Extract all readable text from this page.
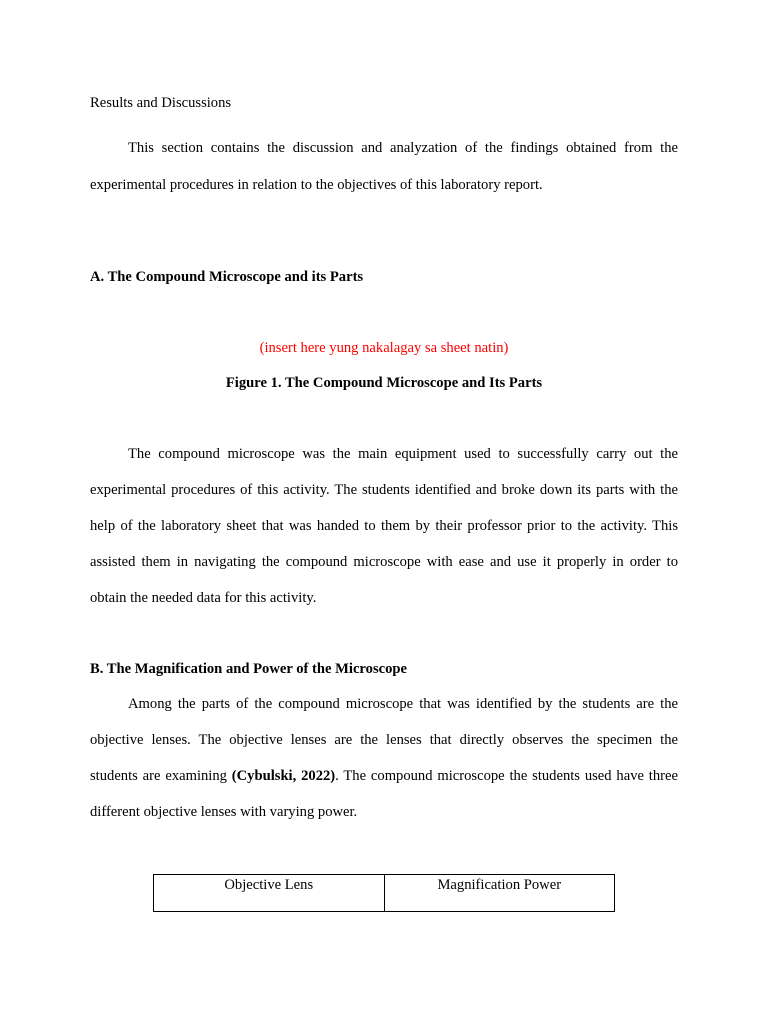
Results and Discussions

This section contains the discussion and analyzation of the findings obtained from the

experimental procedures in relation to the objectives of this laboratory report.

A. The Compound Microscope and its Parts

(insert here yung nakalagay sa sheet natin)

Figure 1. The Compound Microscope and Its Parts

The compound microscope was the main equipment used to successfully carry out the

experimental procedures of this activity. The students identified and broke down its parts with the

help of the laboratory sheet that was handed to them by their professor prior to the activity. This

assisted them in navigating the compound microscope with ease and use it properly in order to

obtain the needed data for this activity.

B. The Magnification and Power of the Microscope

Among the parts of the compound microscope that was identified by the students are the

objective lenses. The objective lenses are the lenses that directly observes the specimen the

students are examining (Cybulski, 2022). The compound microscope the students used have three

different objective lenses with varying power.

Objective Lens	Magnification Power
